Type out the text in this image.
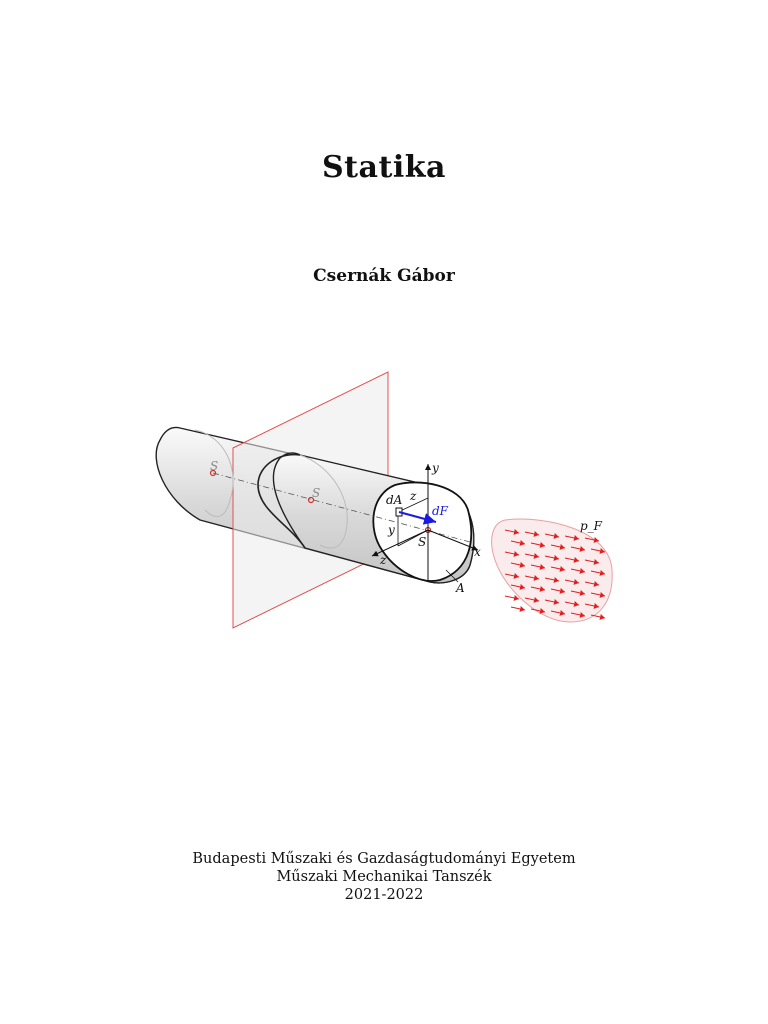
Statika
Csernák Gábor
S
S
S
y
x
z
z
y
dA
dF
A
p_F
Budapesti Műszaki és Gazdaságtudományi Egyetem
Műszaki Mechanikai Tanszék
2021-2022
